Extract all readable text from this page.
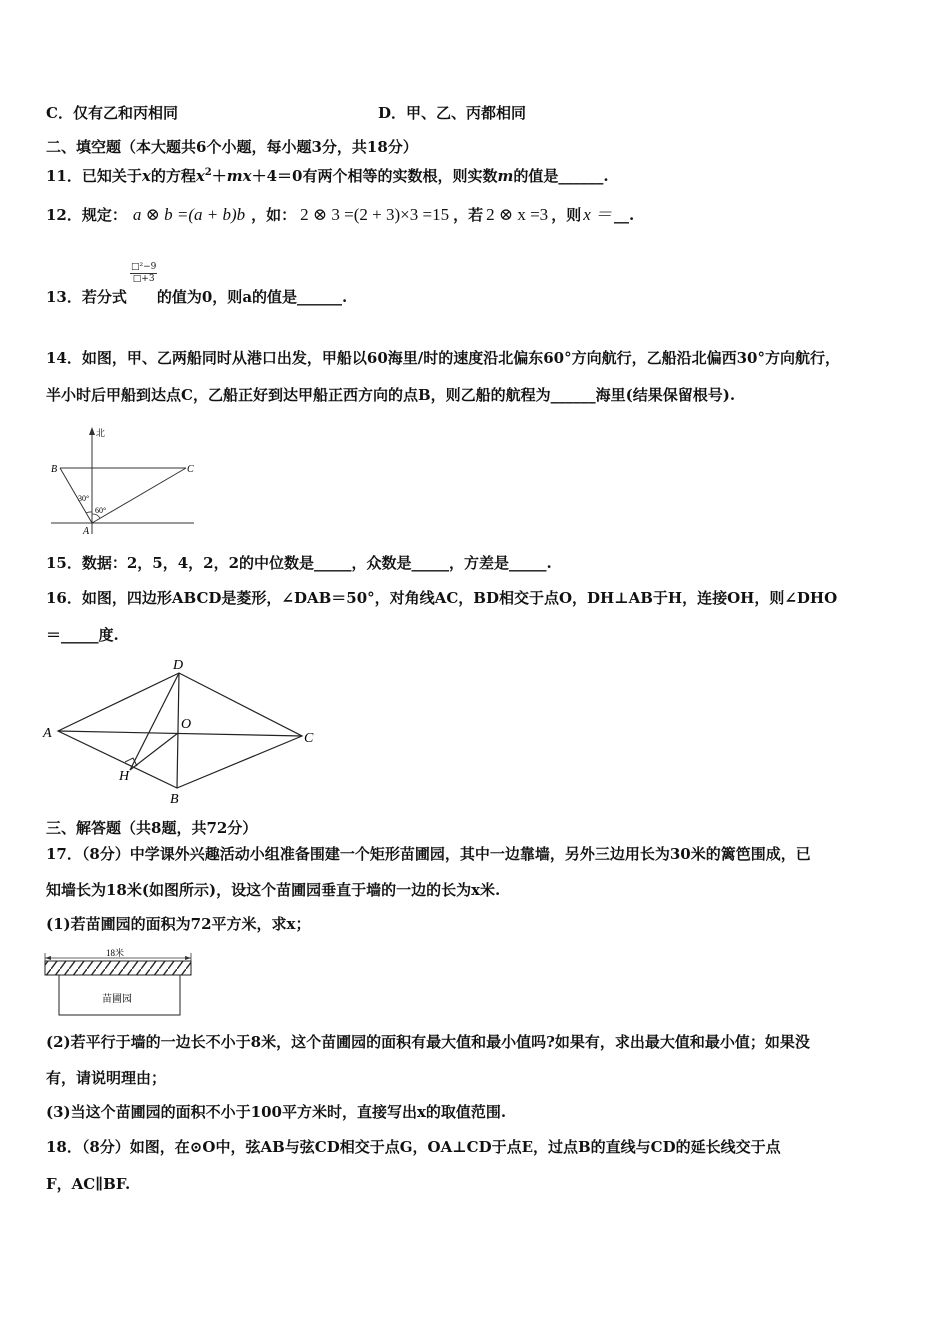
C．仅有乙和丙相同	D．甲、乙、丙都相同
二、填空题（本大题共6个小题，每小题3分，共18分）
11．已知关于x的方程$x^2+mx+4=0$有两个相等的实数根，则实数m的值是______.
12．规定： a ⊗ b =(a + b)b ，如： 2 ⊗ 3 =(2 + 3)×3 =15 ，若 2 ⊗ x =3 ，则 x ＝ __.
$\frac{\text{□²−9}}{□+3}$
13．若分式 的值为0，则a的值是______.
14．如图，甲、乙两船同时从港口出发，甲船以60海里/时的速度沿北偏东60°方向航行，乙船沿北偏西30°方向航行，
半小时后甲船到达点C，乙船正好到达甲船正西方向的点B，则乙船的航程为______海里(结果保留根号).
北
B	C
A
30°
60°
15．数据：2，5，4，2，2的中位数是_____，众数是_____，方差是_____.
16．如图，四边形ABCD是菱形，∠DAB＝50°，对角线AC，BD相交于点O，DH⊥AB于H，连接OH，则∠DHO
＝_____度.
D
A
O
C
H
B
三、解答题（共8题，共72分）
17．（8分）中学课外兴趣活动小组准备围建一个矩形苗圃园，其中一边靠墙，另外三边用长为30米的篱笆围成，已
知墙长为18米(如图所示)，设这个苗圃园垂直于墙的一边的长为x米.
(1)若苗圃园的面积为72平方米，求x；
18米
苗圃园
(2)若平行于墙的一边长不小于8米，这个苗圃园的面积有最大值和最小值吗?如果有，求出最大值和最小值；如果没
有，请说明理由；
(3)当这个苗圃园的面积不小于100平方米时，直接写出x的取值范围.
18．（8分）如图，在⊙O中，弦AB与弦CD相交于点G，OA⊥CD于点E，过点B的直线与CD的延长线交于点
F，AC∥BF.
